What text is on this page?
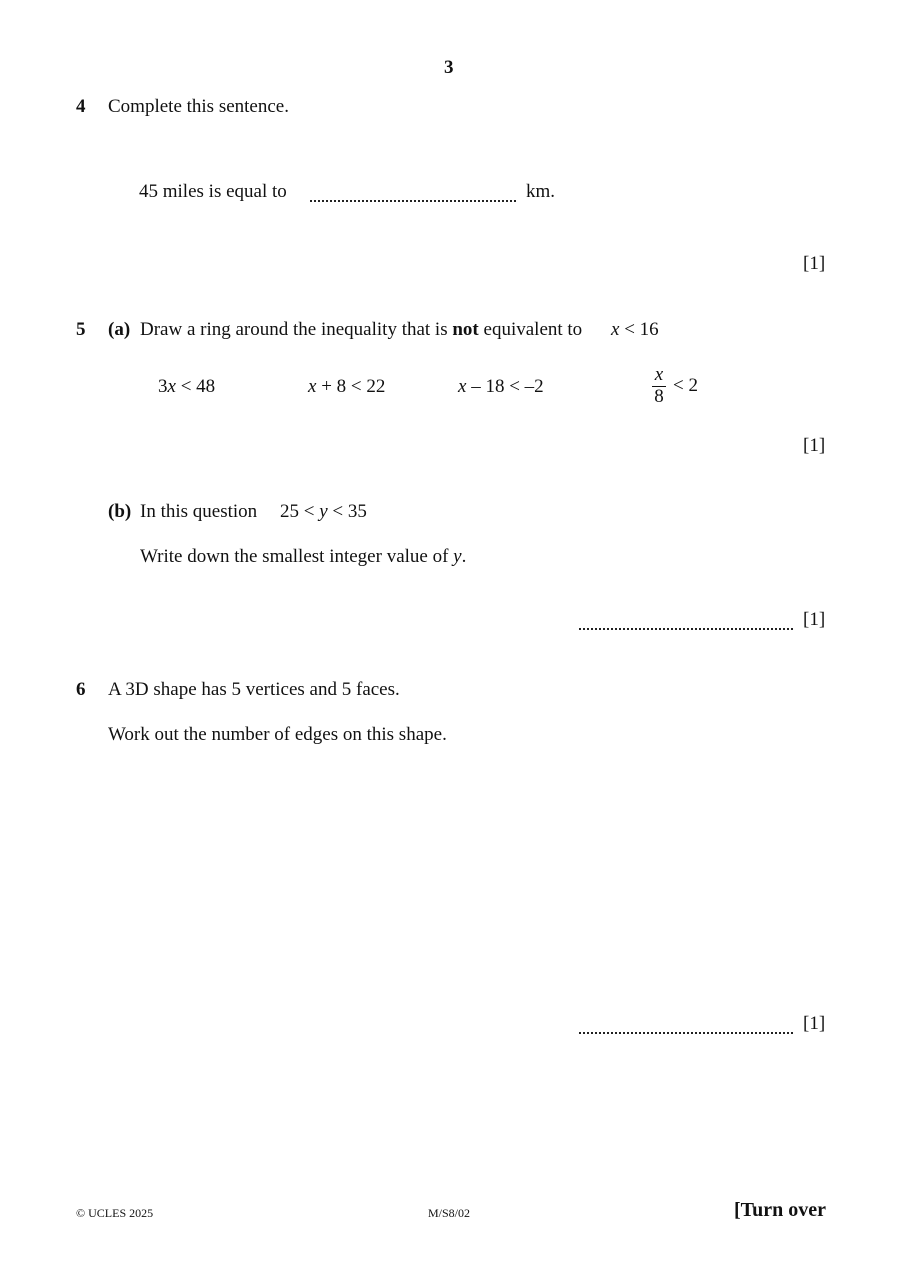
3
4 Complete this sentence.
45 miles is equal to	km.
[1]
5 (a) Draw a ring around the inequality that is not equivalent to x < 16
3x < 48	x + 8 < 22	x – 18 < –2
x
8
< 2
[1]
(b) In this question 25 < y < 35
Write down the smallest integer value of y.
[1]
6 A 3D shape has 5 vertices and 5 faces.
Work out the number of edges on this shape.
[1]
© UCLES 2025	M/S8/02	[Turn over
